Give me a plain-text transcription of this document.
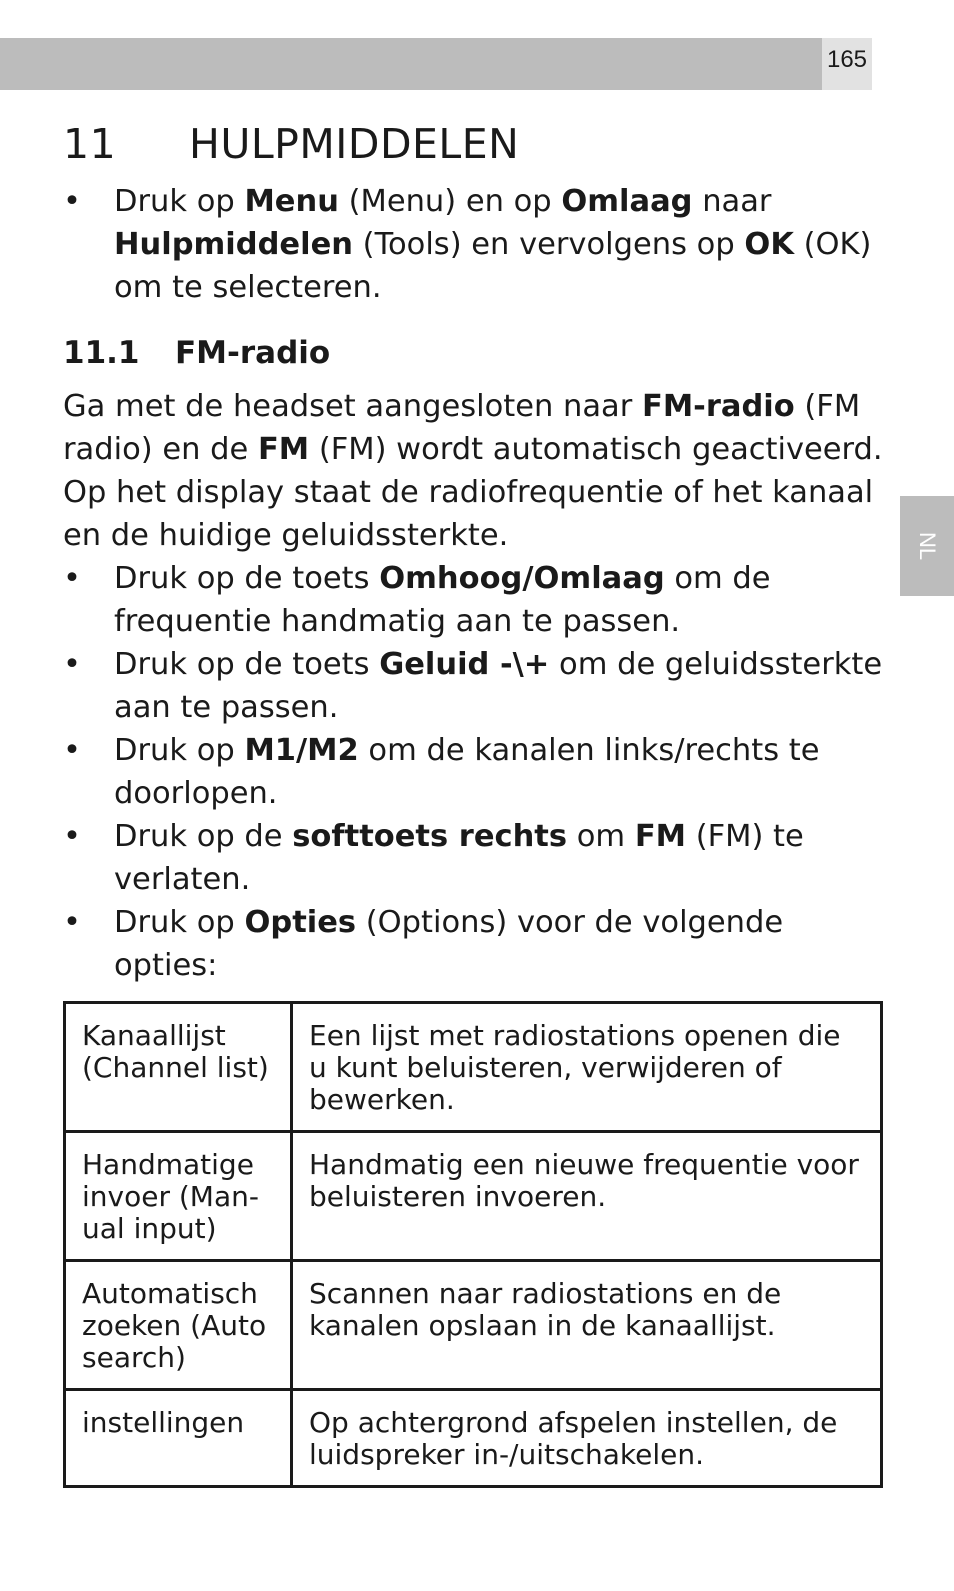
165
NL
11 HULPMIDDELEN

• Druk op Menu (Menu) en op Omlaag naar Hulpmiddelen (Tools) en vervolgens op OK (OK) om te selecteren.

11.1 FM-radio

Ga met de headset aangesloten naar FM-radio (FM radio) en de FM (FM) wordt automatisch geactiveerd. Op het display staat de radiofrequentie of het kanaal en de huidige geluidssterkte.

• Druk op de toets Omhoog/Omlaag om de frequentie handmatig aan te passen.

• Druk op de toets Geluid -\+ om de geluidssterkte aan te passen.

• Druk op M1/M2 om de kanalen links/rechts te doorlopen.

• Druk op de softtoets rechts om FM (FM) te verlaten.

• Druk op Opties (Options) voor de volgende opties:

Kanaallijst (Channel list)	Een lijst met radiostations openen die u kunt beluisteren, verwijderen of bewerken.
Handmatige invoer (Manual input)	Handmatig een nieuwe frequentie voor beluisteren invoeren.
Automatisch zoeken (Auto search)	Scannen naar radiostations en de kanalen opslaan in de kanaallijst.
instellingen	Op achtergrond afspelen instellen, de luidspreker in-/uitschakelen.
